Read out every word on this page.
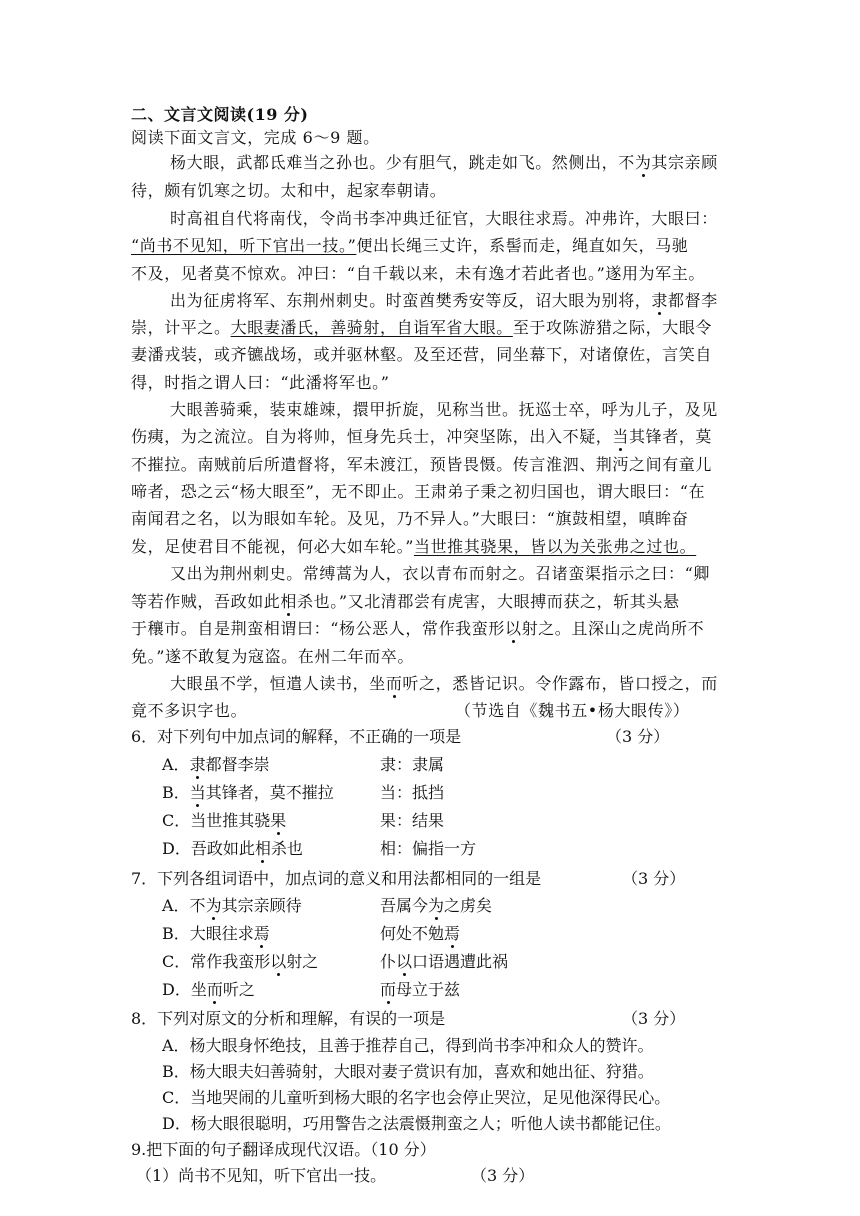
二、文言文阅读(19 分)
阅读下面文言文，完成 6～9 题。
杨大眼，武都氐难当之孙也。少有胆气，跳走如飞。然侧出，不为其宗亲顾
待，颇有饥寒之切。太和中，起家奉朝请。
时高祖自代将南伐，令尚书李冲典迁征官，大眼往求焉。冲弗许，大眼曰：
“尚书不见知，听下官出一技。”便出长绳三丈许，系髻而走，绳直如矢，马驰
不及，见者莫不惊欢。冲曰：“自千载以来，未有逸才若此者也。”遂用为军主。
出为征虏将军、东荆州刺史。时蛮酋樊秀安等反，诏大眼为别将，隶都督李
崇，计平之。大眼妻潘氏，善骑射，自诣军省大眼。至于攻陈游猎之际，大眼令
妻潘戎装，或齐镳战场，或并驱林壑。及至还营，同坐幕下，对诸僚佐，言笑自
得，时指之谓人曰：“此潘将军也。”
大眼善骑乘，装束雄竦，擐甲折旋，见称当世。抚巡士卒，呼为儿子，及见
伤痍，为之流泣。自为将帅，恒身先兵士，冲突坚陈，出入不疑，当其锋者，莫
不摧拉。南贼前后所遣督将，军未渡江，预皆畏慑。传言淮泗、荆沔之间有童儿
啼者，恐之云“杨大眼至”，无不即止。王肃弟子秉之初归国也，谓大眼曰：“在
南闻君之名，以为眼如车轮。及见，乃不异人。”大眼曰：“旗鼓相望，嗔眸奋
发，足使君目不能视，何必大如车轮。”当世推其骁果，皆以为关张弗之过也。
又出为荆州刺史。常缚蒿为人，衣以青布而射之。召诸蛮渠指示之曰：“卿
等若作贼，吾政如此相杀也。”又北清郡尝有虎害，大眼搏而获之，斩其头悬
于穰市。自是荆蛮相谓曰：“杨公恶人，常作我蛮形以射之。且深山之虎尚所不
免。”遂不敢复为寇盗。在州二年而卒。
大眼虽不学，恒遣人读书，坐而听之，悉皆记识。令作露布，皆口授之，而
竟不多识字也。	（节选自《魏书五•杨大眼传》）
6．对下列句中加点词的解释，不正确的一项是	（3 分）
A．隶都督李崇	隶：隶属
B．当其锋者，莫不摧拉	当：抵挡
C．当世推其骁果	果：结果
D．吾政如此相杀也	相：偏指一方
7．下列各组词语中，加点词的意义和用法都相同的一组是	（3 分）
A．不为其宗亲顾待	吾属今为之虏矣
B．大眼往求焉	何处不勉焉
C．常作我蛮形以射之	仆以口语遇遭此祸
D．坐而听之	而母立于兹
8．下列对原文的分析和理解，有误的一项是	（3 分）
A．杨大眼身怀绝技，且善于推荐自己，得到尚书李冲和众人的赞许。
B．杨大眼夫妇善骑射，大眼对妻子赏识有加，喜欢和她出征、狩猎。
C．当地哭闹的儿童听到杨大眼的名字也会停止哭泣，足见他深得民心。
D．杨大眼很聪明，巧用警告之法震慑荆蛮之人；听他人读书都能记住。
9.把下面的句子翻译成现代汉语。（10 分）
（1）尚书不见知，听下官出一技。	（3 分）
